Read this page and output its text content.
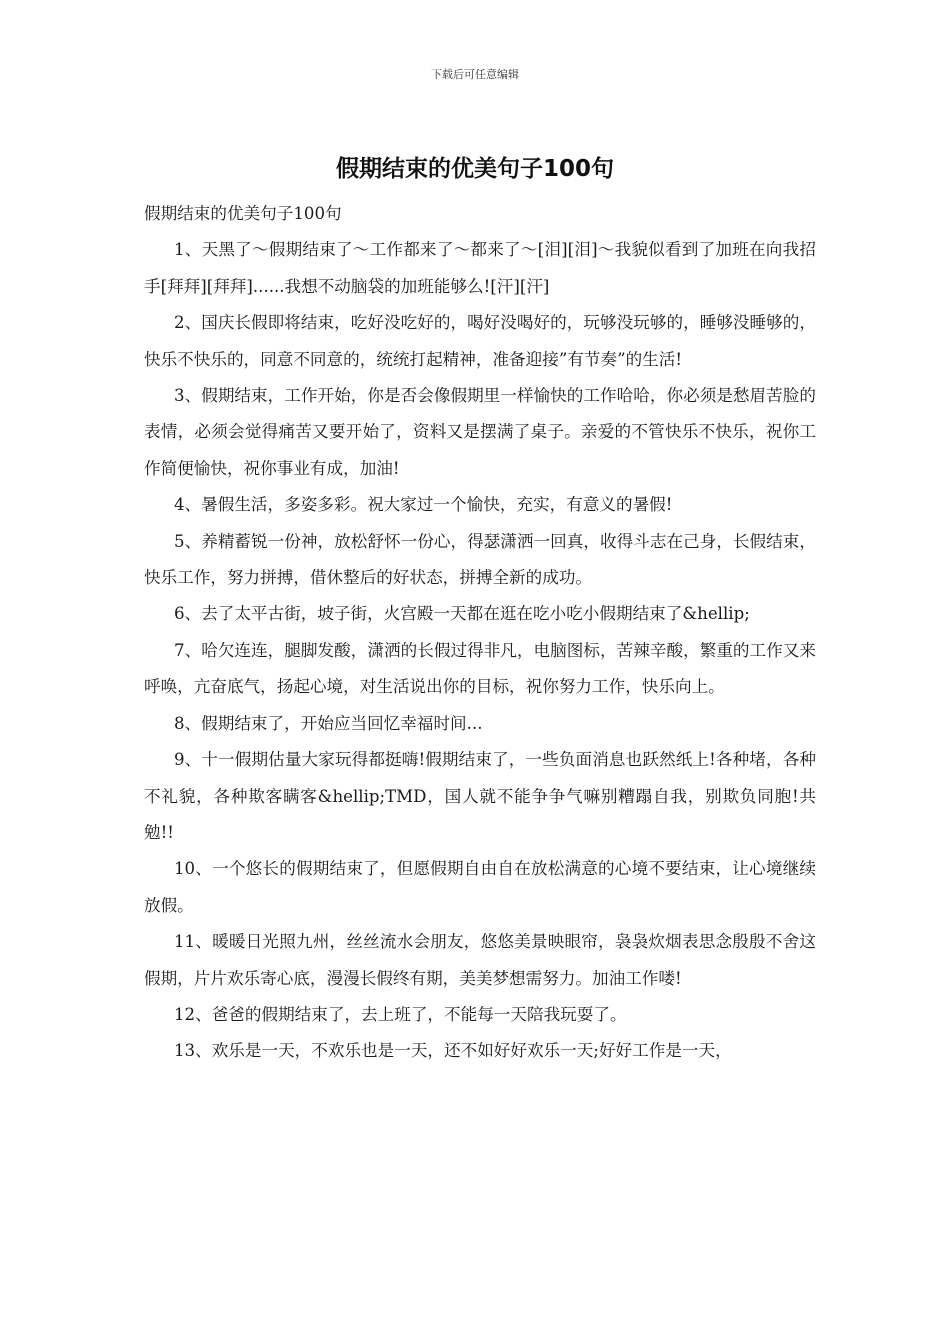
下载后可任意编辑
假期结束的优美句子100句

假期结束的优美句子100句

1、天黑了～假期结束了～工作都来了～都来了～[泪][泪]～我貌似看到了加班在向我招手[拜拜][拜拜]......我想不动脑袋的加班能够么![汗][汗]

2、国庆长假即将结束，吃好没吃好的，喝好没喝好的，玩够没玩够的，睡够没睡够的，快乐不快乐的，同意不同意的，统统打起精神，准备迎接”有节奏”的生活!

3、假期结束，工作开始，你是否会像假期里一样愉快的工作哈哈，你必须是愁眉苦脸的表情，必须会觉得痛苦又要开始了，资料又是摆满了桌子。亲爱的不管快乐不快乐，祝你工作简便愉快，祝你事业有成，加油!

4、暑假生活，多姿多彩。祝大家过一个愉快，充实，有意义的暑假!

5、养精蓄锐一份神，放松舒怀一份心，得瑟潇洒一回真，收得斗志在己身，长假结束，快乐工作，努力拼搏，借休整后的好状态，拼搏全新的成功。

6、去了太平古街，坡子街，火宫殿一天都在逛在吃小吃小假期结束了&hellip;

7、哈欠连连，腿脚发酸，潇洒的长假过得非凡，电脑图标，苦辣辛酸，繁重的工作又来呼唤，亢奋底气，扬起心境，对生活说出你的目标，祝你努力工作，快乐向上。

8、假期结束了，开始应当回忆幸福时间...

9、十一假期估量大家玩得都挺嗨!假期结束了，一些负面消息也跃然纸上!各种堵，各种不礼貌，各种欺客瞒客&hellip;TMD，国人就不能争争气嘛别糟蹋自我，别欺负同胞!共勉!!

10、一个悠长的假期结束了，但愿假期自由自在放松满意的心境不要结束，让心境继续放假。

11、暖暖日光照九州，丝丝流水会朋友，悠悠美景映眼帘，袅袅炊烟表思念殷殷不舍这假期，片片欢乐寄心底，漫漫长假终有期，美美梦想需努力。加油工作喽!

12、爸爸的假期结束了，去上班了，不能每一天陪我玩耍了。

13、欢乐是一天，不欢乐也是一天，还不如好好欢乐一天;好好工作是一天，
